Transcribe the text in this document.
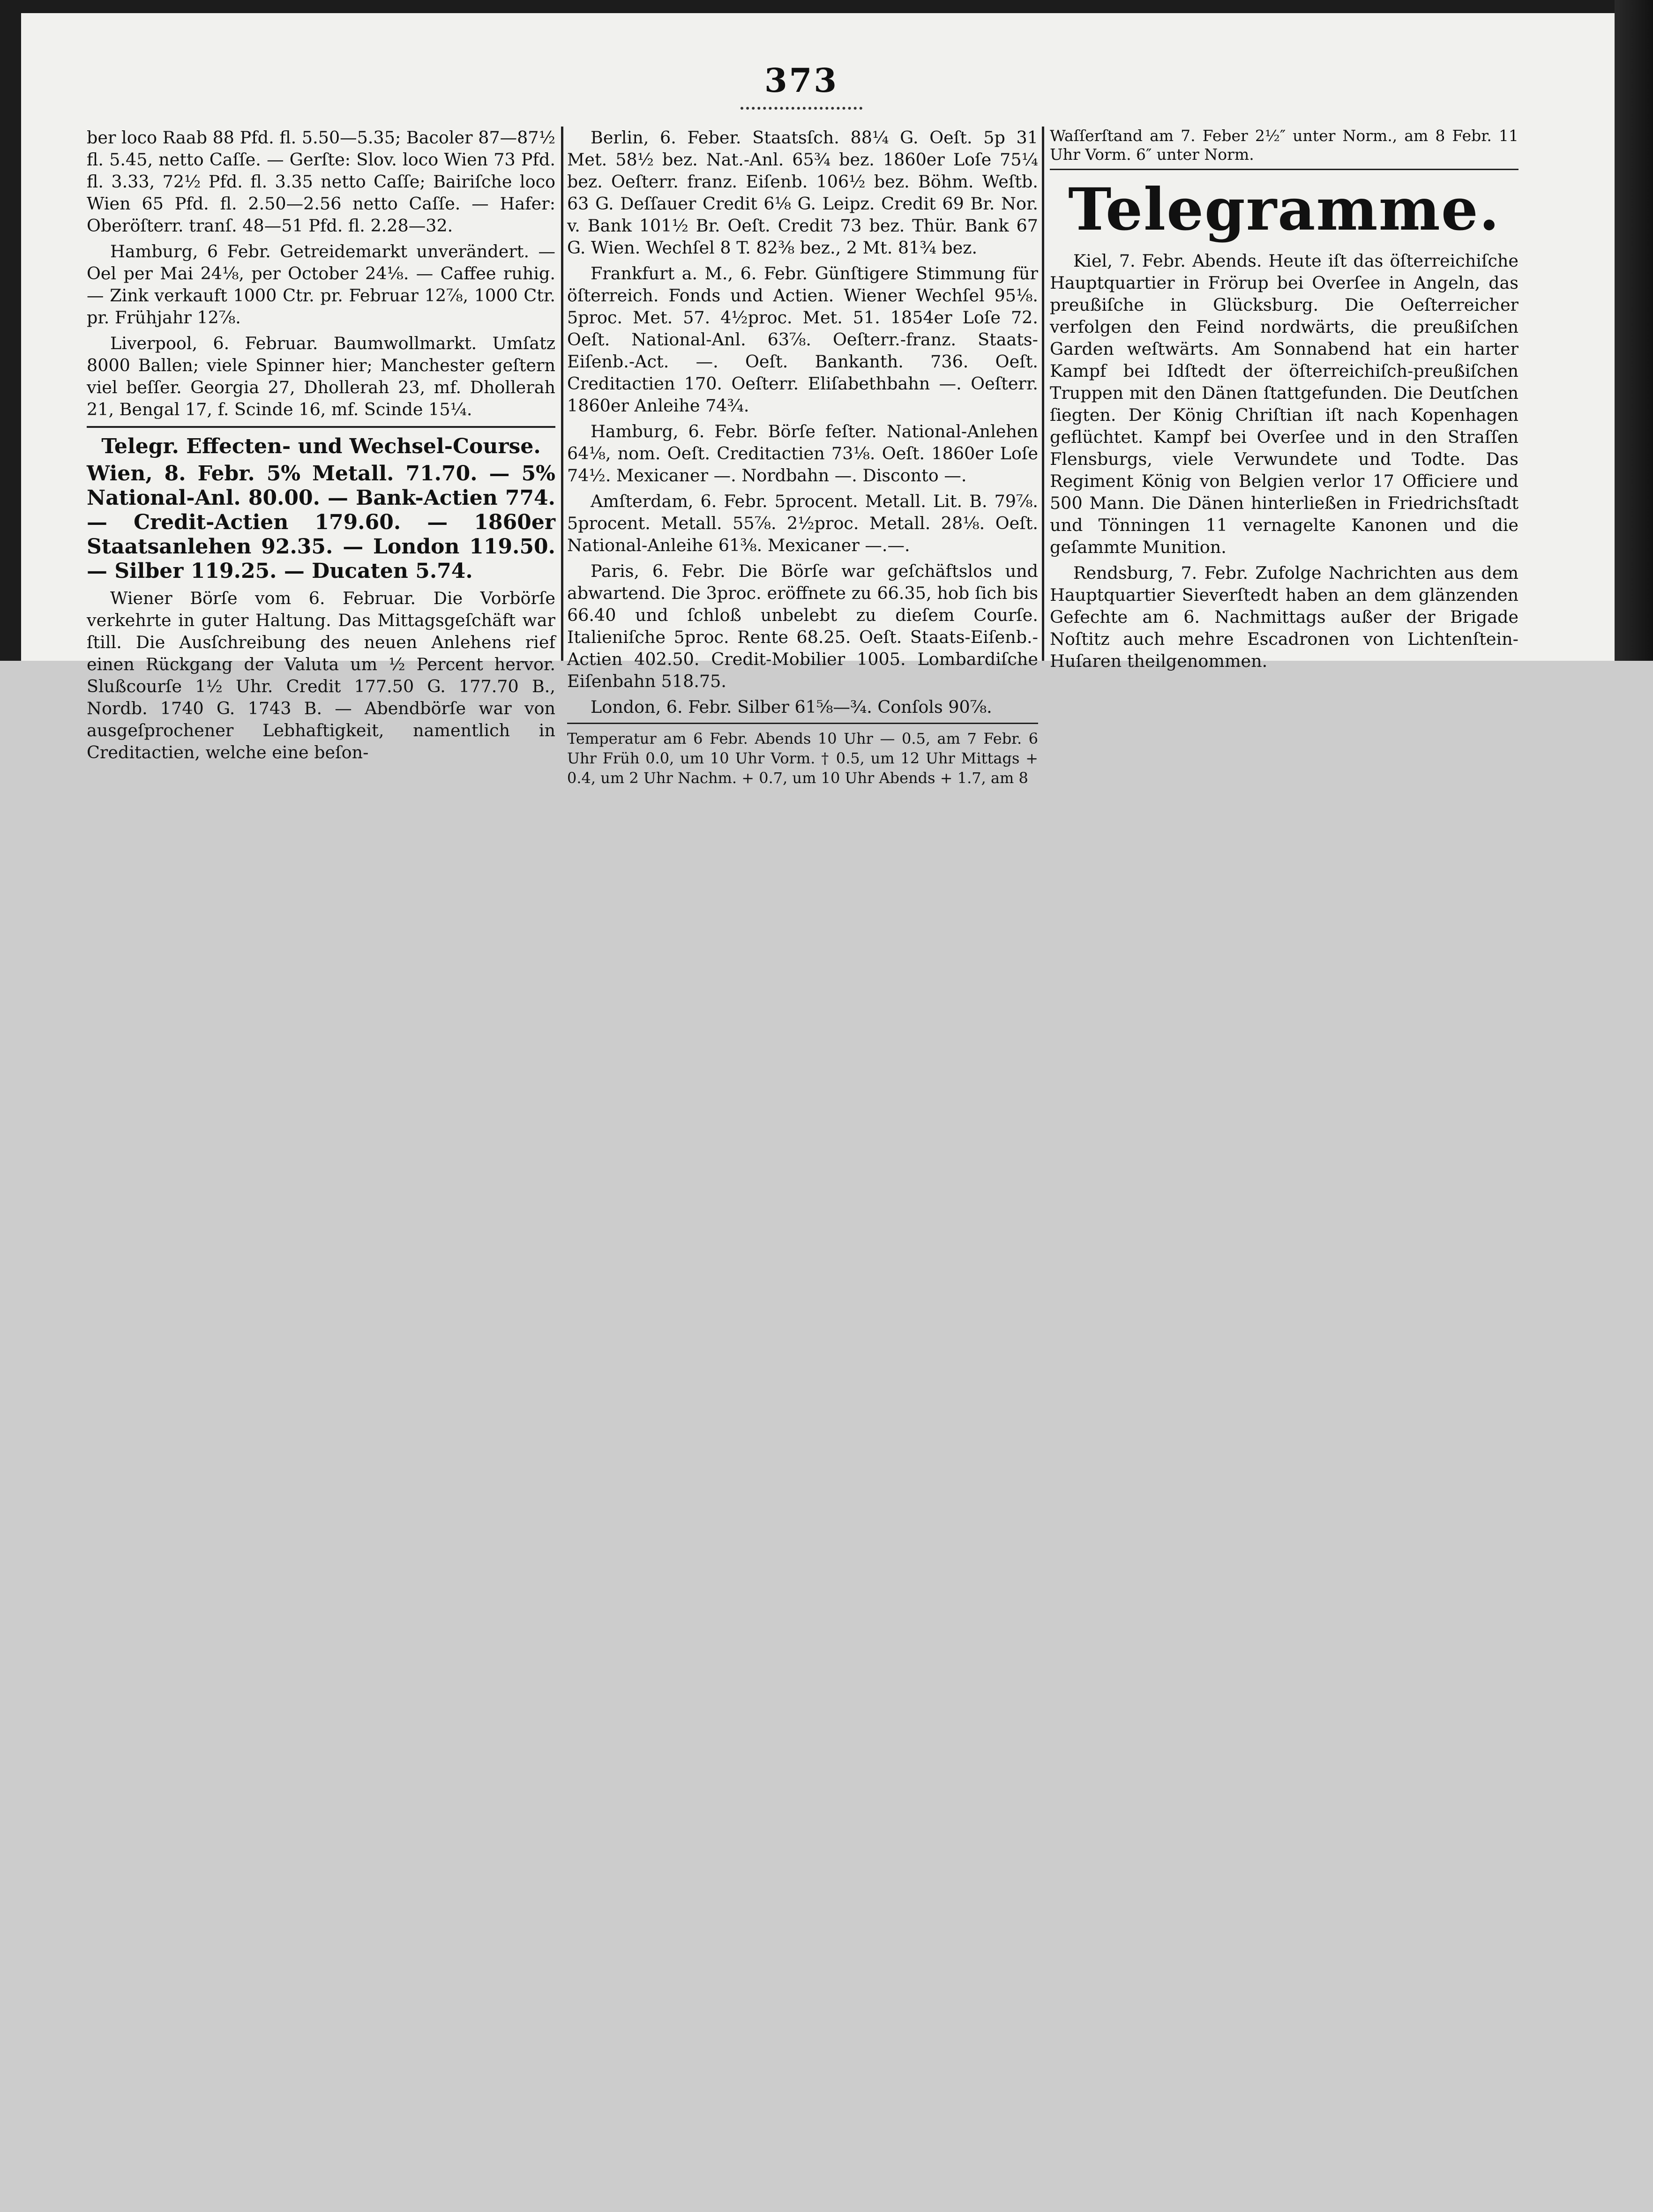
373

ber loco Raab 88 Pfd. fl. 5.50—5.35; Bacoler 87—87½ fl. 5.45, netto Caſſe. — Gerſte: Slov. loco Wien 73 Pfd. fl. 3.33, 72½ Pfd. fl. 3.35 netto Caſſe; Bairiſche loco Wien 65 Pfd. fl. 2.50—2.56 netto Caſſe. — Hafer: Oberöſterr. tranſ. 48—51 Pfd. fl. 2.28—32.

Hamburg, 6 Febr. Getreidemarkt unverändert. — Oel per Mai 24⅛, per October 24⅛. — Caffee ruhig. — Zink verkauft 1000 Ctr. pr. Februar 12⅞, 1000 Ctr. pr. Frühjahr 12⅞.

Liverpool, 6. Februar. Baumwollmarkt. Umſatz 8000 Ballen; viele Spinner hier; Manchester geſtern viel beſſer. Georgia 27, Dhollerah 23, mf. Dhollerah 21, Bengal 17, f. Scinde 16, mf. Scinde 15¼.

Telegr. Effecten- und Wechsel-Course.

Wien, 8. Febr. 5% Metall. 71.70. — 5% National-Anl. 80.00. — Bank-Actien 774. — Credit-Actien 179.60. — 1860er Staatsanlehen 92.35. — London 119.50. — Silber 119.25. — Ducaten 5.74.

Wiener Börſe vom 6. Februar. Die Vorbörſe verkehrte in guter Haltung. Das Mittagsgeſchäft war ſtill. Die Ausſchreibung des neuen Anlehens rief einen Rückgang der Valuta um ½ Percent hervor. Slußcourſe 1½ Uhr. Credit 177.50 G. 177.70 B., Nordb. 1740 G. 1743 B. — Abendbörſe war von ausgeſprochener Lebhaftigkeit, namentlich in Creditactien, welche eine beſon-

Berlin, 6. Feber. Staatsſch. 88¼ G. Oeſt. 5p 31 Met. 58½ bez. Nat.-Anl. 65¾ bez. 1860er Loſe 75¼ bez. Oeſterr. franz. Eiſenb. 106½ bez. Böhm. Weſtb. 63 G. Deſſauer Credit 6⅛ G. Leipz. Credit 69 Br. Nor. v. Bank 101½ Br. Oeſt. Credit 73 bez. Thür. Bank 67 G. Wien. Wechſel 8 T. 82⅜ bez., 2 Mt. 81¾ bez.

Frankfurt a. M., 6. Febr. Günſtigere Stimmung für öſterreich. Fonds und Actien. Wiener Wechſel 95⅛. 5proc. Met. 57. 4½proc. Met. 51. 1854er Loſe 72. Oeſt. National-Anl. 63⅞. Oeſterr.-franz. Staats-Eiſenb.-Act. —. Oeſt. Bankanth. 736. Oeſt. Creditactien 170. Oeſterr. Eliſabethbahn —. Oeſterr. 1860er Anleihe 74¾.

Hamburg, 6. Febr. Börſe feſter. National-Anlehen 64⅛, nom. Oeſt. Creditactien 73⅛. Oeſt. 1860er Loſe 74½. Mexicaner —. Nordbahn —. Disconto —.

Amſterdam, 6. Febr. 5procent. Metall. Lit. B. 79⅞. 5procent. Metall. 55⅞. 2½proc. Metall. 28⅛. Oeſt. National-Anleihe 61⅜. Mexicaner —.—.

Paris, 6. Febr. Die Börſe war geſchäftslos und abwartend. Die 3proc. eröffnete zu 66.35, hob ſich bis 66.40 und ſchloß unbelebt zu dieſem Courſe. Italieniſche 5proc. Rente 68.25. Oeſt. Staats-Eiſenb.-Actien 402.50. Credit-Mobilier 1005. Lombardiſche Eiſenbahn 518.75.

London, 6. Febr. Silber 61⅝—¾. Conſols 90⅞.

Temperatur am 6 Febr. Abends 10 Uhr — 0.5, am 7 Febr. 6 Uhr Früh 0.0, um 10 Uhr Vorm. † 0.5, um 12 Uhr Mittags + 0.4, um 2 Uhr Nachm. + 0.7, um 10 Uhr Abends + 1.7, am 8

Waſſerſtand am 7. Feber 2½″ unter Norm., am 8 Febr. 11 Uhr Vorm. 6″ unter Norm.

Telegramme.

Kiel, 7. Febr. Abends. Heute iſt das öſterreichiſche Hauptquartier in Frörup bei Overſee in Angeln, das preußiſche in Glücksburg. Die Oeſterreicher verfolgen den Feind nordwärts, die preußiſchen Garden weſtwärts. Am Sonnabend hat ein harter Kampf bei Idſtedt der öſterreichiſch-preußiſchen Truppen mit den Dänen ſtattgefunden. Die Deutſchen ſiegten. Der König Chriſtian iſt nach Kopenhagen geflüchtet. Kampf bei Overſee und in den Straſſen Flensburgs, viele Verwundete und Todte. Das Regiment König von Belgien verlor 17 Officiere und 500 Mann. Die Dänen hinterließen in Friedrichsſtadt und Tönningen 11 vernagelte Kanonen und die geſammte Munition.

Rendsburg, 7. Febr. Zufolge Nachrichten aus dem Hauptquartier Sieverſtedt haben an dem glänzenden Gefechte am 6. Nachmittags außer der Brigade Noſtitz auch mehre Escadronen von Lichtenſtein-Huſaren theilgenommen.
